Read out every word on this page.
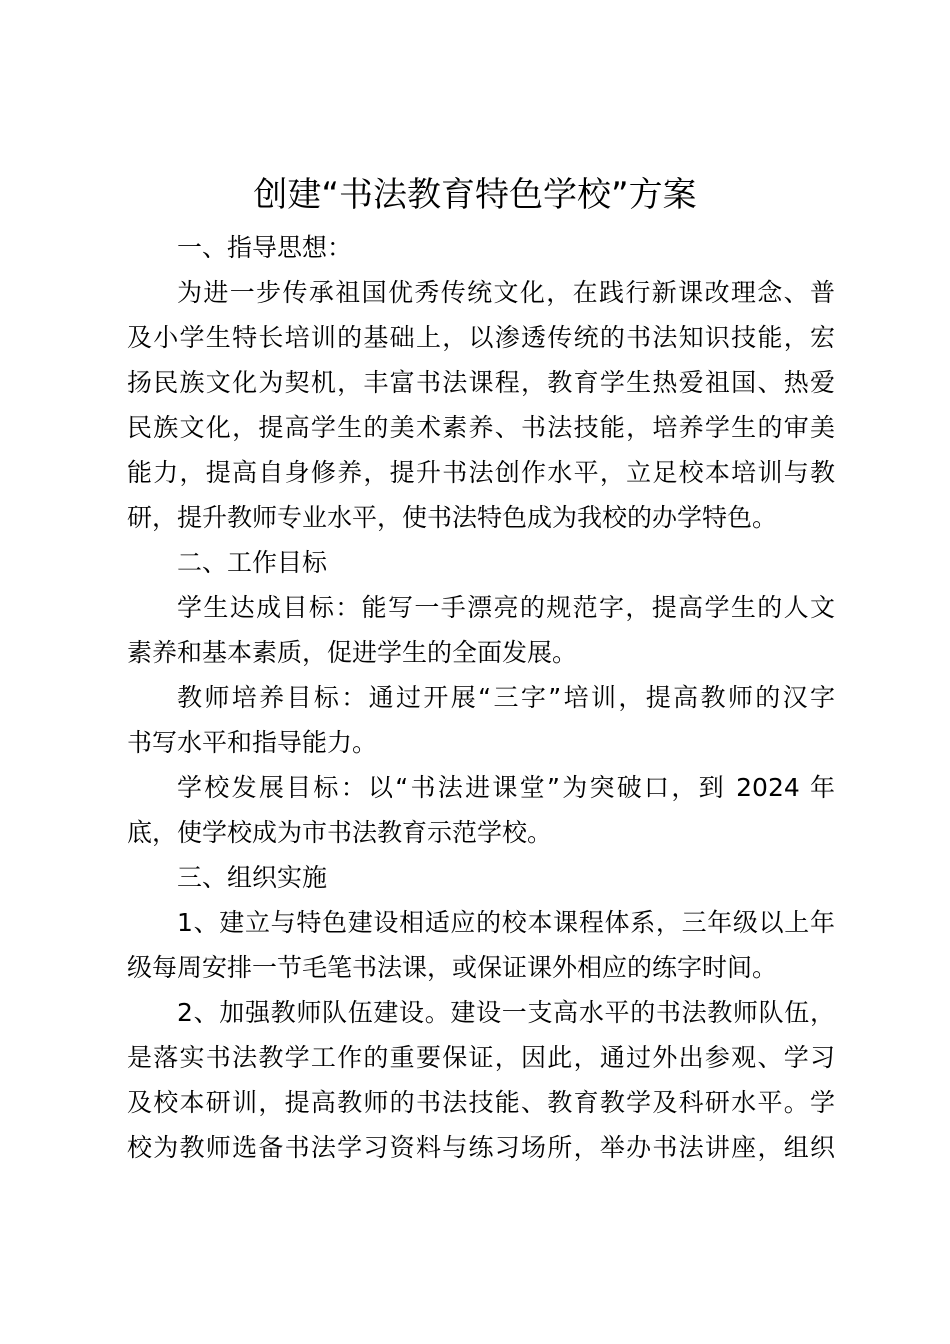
创建“书法教育特色学校”方案
一、指导思想：

为进一步传承祖国优秀传统文化，在践行新课改理念、普
及小学生特长培训的基础上，以渗透传统的书法知识技能，宏
扬民族文化为契机，丰富书法课程，教育学生热爱祖国、热爱
民族文化，提高学生的美术素养、书法技能，培养学生的审美
能力，提高自身修养，提升书法创作水平，立足校本培训与教
研，提升教师专业水平，使书法特色成为我校的办学特色。

二、工作目标

学生达成目标：能写一手漂亮的规范字，提高学生的人文
素养和基本素质，促进学生的全面发展。

教师培养目标：通过开展“三字”培训，提高教师的汉字
书写水平和指导能力。

学校发展目标：以“书法进课堂”为突破口，到 2024 年
底，使学校成为市书法教育示范学校。

三、组织实施

1、建立与特色建设相适应的校本课程体系，三年级以上年
级每周安排一节毛笔书法课，或保证课外相应的练字时间。

2、加强教师队伍建设。建设一支高水平的书法教师队伍，
是落实书法教学工作的重要保证，因此，通过外出参观、学习
及校本研训，提高教师的书法技能、教育教学及科研水平。学
校为教师选备书法学习资料与练习场所，举办书法讲座，组织
